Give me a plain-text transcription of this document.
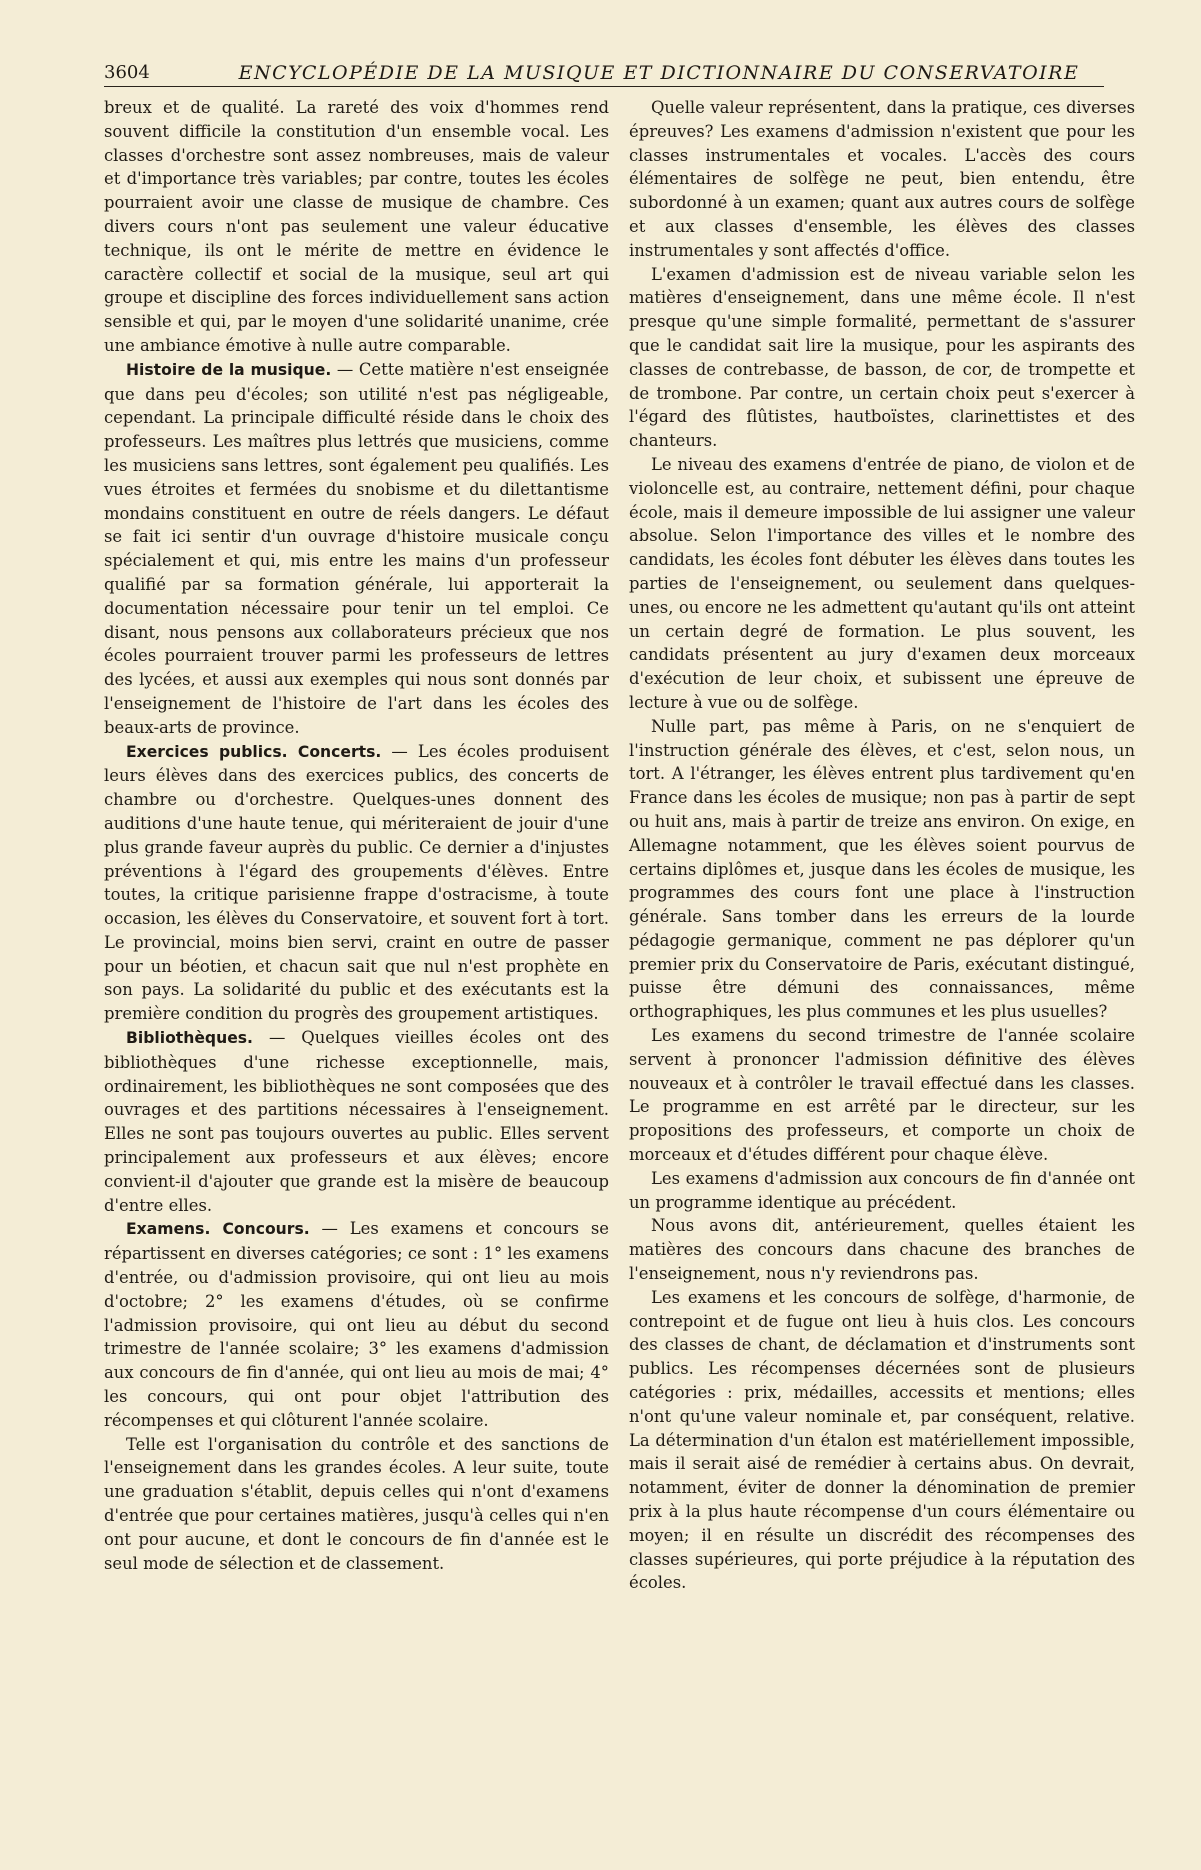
3604	ENCYCLOPÉDIE DE LA MUSIQUE ET DICTIONNAIRE DU CONSERVATOIRE

breux et de qualité. La rareté des voix d'hommes rend souvent difficile la constitution d'un ensemble vocal. Les classes d'orchestre sont assez nombreuses, mais de valeur et d'importance très variables; par contre, toutes les écoles pourraient avoir une classe de musique de chambre. Ces divers cours n'ont pas seulement une valeur éducative technique, ils ont le mérite de mettre en évidence le caractère collectif et social de la musique, seul art qui groupe et discipline des forces individuellement sans action sensible et qui, par le moyen d'une solidarité unanime, crée une ambiance émotive à nulle autre comparable.

Histoire de la musique. — Cette matière n'est enseignée que dans peu d'écoles; son utilité n'est pas négligeable, cependant. La principale difficulté réside dans le choix des professeurs. Les maîtres plus lettrés que musiciens, comme les musiciens sans lettres, sont également peu qualifiés. Les vues étroites et fermées du snobisme et du dilettantisme mondains constituent en outre de réels dangers. Le défaut se fait ici sentir d'un ouvrage d'histoire musicale conçu spécialement et qui, mis entre les mains d'un professeur qualifié par sa formation générale, lui apporterait la documentation nécessaire pour tenir un tel emploi. Ce disant, nous pensons aux collaborateurs précieux que nos écoles pourraient trouver parmi les professeurs de lettres des lycées, et aussi aux exemples qui nous sont donnés par l'enseignement de l'histoire de l'art dans les écoles des beaux-arts de province.

Exercices publics. Concerts. — Les écoles produisent leurs élèves dans des exercices publics, des concerts de chambre ou d'orchestre. Quelques-unes donnent des auditions d'une haute tenue, qui mériteraient de jouir d'une plus grande faveur auprès du public. Ce dernier a d'injustes préventions à l'égard des groupements d'élèves. Entre toutes, la critique parisienne frappe d'ostracisme, à toute occasion, les élèves du Conservatoire, et souvent fort à tort. Le provincial, moins bien servi, craint en outre de passer pour un béotien, et chacun sait que nul n'est prophète en son pays. La solidarité du public et des exécutants est la première condition du progrès des groupement artistiques.

Bibliothèques. — Quelques vieilles écoles ont des bibliothèques d'une richesse exceptionnelle, mais, ordinairement, les bibliothèques ne sont composées que des ouvrages et des partitions nécessaires à l'enseignement. Elles ne sont pas toujours ouvertes au public. Elles servent principalement aux professeurs et aux élèves; encore convient-il d'ajouter que grande est la misère de beaucoup d'entre elles.

Examens. Concours. — Les examens et concours se répartissent en diverses catégories; ce sont : 1° les examens d'entrée, ou d'admission provisoire, qui ont lieu au mois d'octobre; 2° les examens d'études, où se confirme l'admission provisoire, qui ont lieu au début du second trimestre de l'année scolaire; 3° les examens d'admission aux concours de fin d'année, qui ont lieu au mois de mai; 4° les concours, qui ont pour objet l'attribution des récompenses et qui clôturent l'année scolaire.

Telle est l'organisation du contrôle et des sanctions de l'enseignement dans les grandes écoles. A leur suite, toute une graduation s'établit, depuis celles qui n'ont d'examens d'entrée que pour certaines matières, jusqu'à celles qui n'en ont pour aucune, et dont le concours de fin d'année est le seul mode de sélection et de classement.

Quelle valeur représentent, dans la pratique, ces diverses épreuves? Les examens d'admission n'existent que pour les classes instrumentales et vocales. L'accès des cours élémentaires de solfège ne peut, bien entendu, être subordonné à un examen; quant aux autres cours de solfège et aux classes d'ensemble, les élèves des classes instrumentales y sont affectés d'office.

L'examen d'admission est de niveau variable selon les matières d'enseignement, dans une même école. Il n'est presque qu'une simple formalité, permettant de s'assurer que le candidat sait lire la musique, pour les aspirants des classes de contrebasse, de basson, de cor, de trompette et de trombone. Par contre, un certain choix peut s'exercer à l'égard des flûtistes, hautboïstes, clarinettistes et des chanteurs.

Le niveau des examens d'entrée de piano, de violon et de violoncelle est, au contraire, nettement défini, pour chaque école, mais il demeure impossible de lui assigner une valeur absolue. Selon l'importance des villes et le nombre des candidats, les écoles font débuter les élèves dans toutes les parties de l'enseignement, ou seulement dans quelques-unes, ou encore ne les admettent qu'autant qu'ils ont atteint un certain degré de formation. Le plus souvent, les candidats présentent au jury d'examen deux morceaux d'exécution de leur choix, et subissent une épreuve de lecture à vue ou de solfège.

Nulle part, pas même à Paris, on ne s'enquiert de l'instruction générale des élèves, et c'est, selon nous, un tort. A l'étranger, les élèves entrent plus tardivement qu'en France dans les écoles de musique; non pas à partir de sept ou huit ans, mais à partir de treize ans environ. On exige, en Allemagne notamment, que les élèves soient pourvus de certains diplômes et, jusque dans les écoles de musique, les programmes des cours font une place à l'instruction générale. Sans tomber dans les erreurs de la lourde pédagogie germanique, comment ne pas déplorer qu'un premier prix du Conservatoire de Paris, exécutant distingué, puisse être démuni des connaissances, même orthographiques, les plus communes et les plus usuelles?

Les examens du second trimestre de l'année scolaire servent à prononcer l'admission définitive des élèves nouveaux et à contrôler le travail effectué dans les classes. Le programme en est arrêté par le directeur, sur les propositions des professeurs, et comporte un choix de morceaux et d'études différent pour chaque élève.

Les examens d'admission aux concours de fin d'année ont un programme identique au précédent.

Nous avons dit, antérieurement, quelles étaient les matières des concours dans chacune des branches de l'enseignement, nous n'y reviendrons pas.

Les examens et les concours de solfège, d'harmonie, de contrepoint et de fugue ont lieu à huis clos. Les concours des classes de chant, de déclamation et d'instruments sont publics. Les récompenses décernées sont de plusieurs catégories : prix, médailles, accessits et mentions; elles n'ont qu'une valeur nominale et, par conséquent, relative. La détermination d'un étalon est matériellement impossible, mais il serait aisé de remédier à certains abus. On devrait, notamment, éviter de donner la dénomination de premier prix à la plus haute récompense d'un cours élémentaire ou moyen; il en résulte un discrédit des récompenses des classes supérieures, qui porte préjudice à la réputation des écoles.
